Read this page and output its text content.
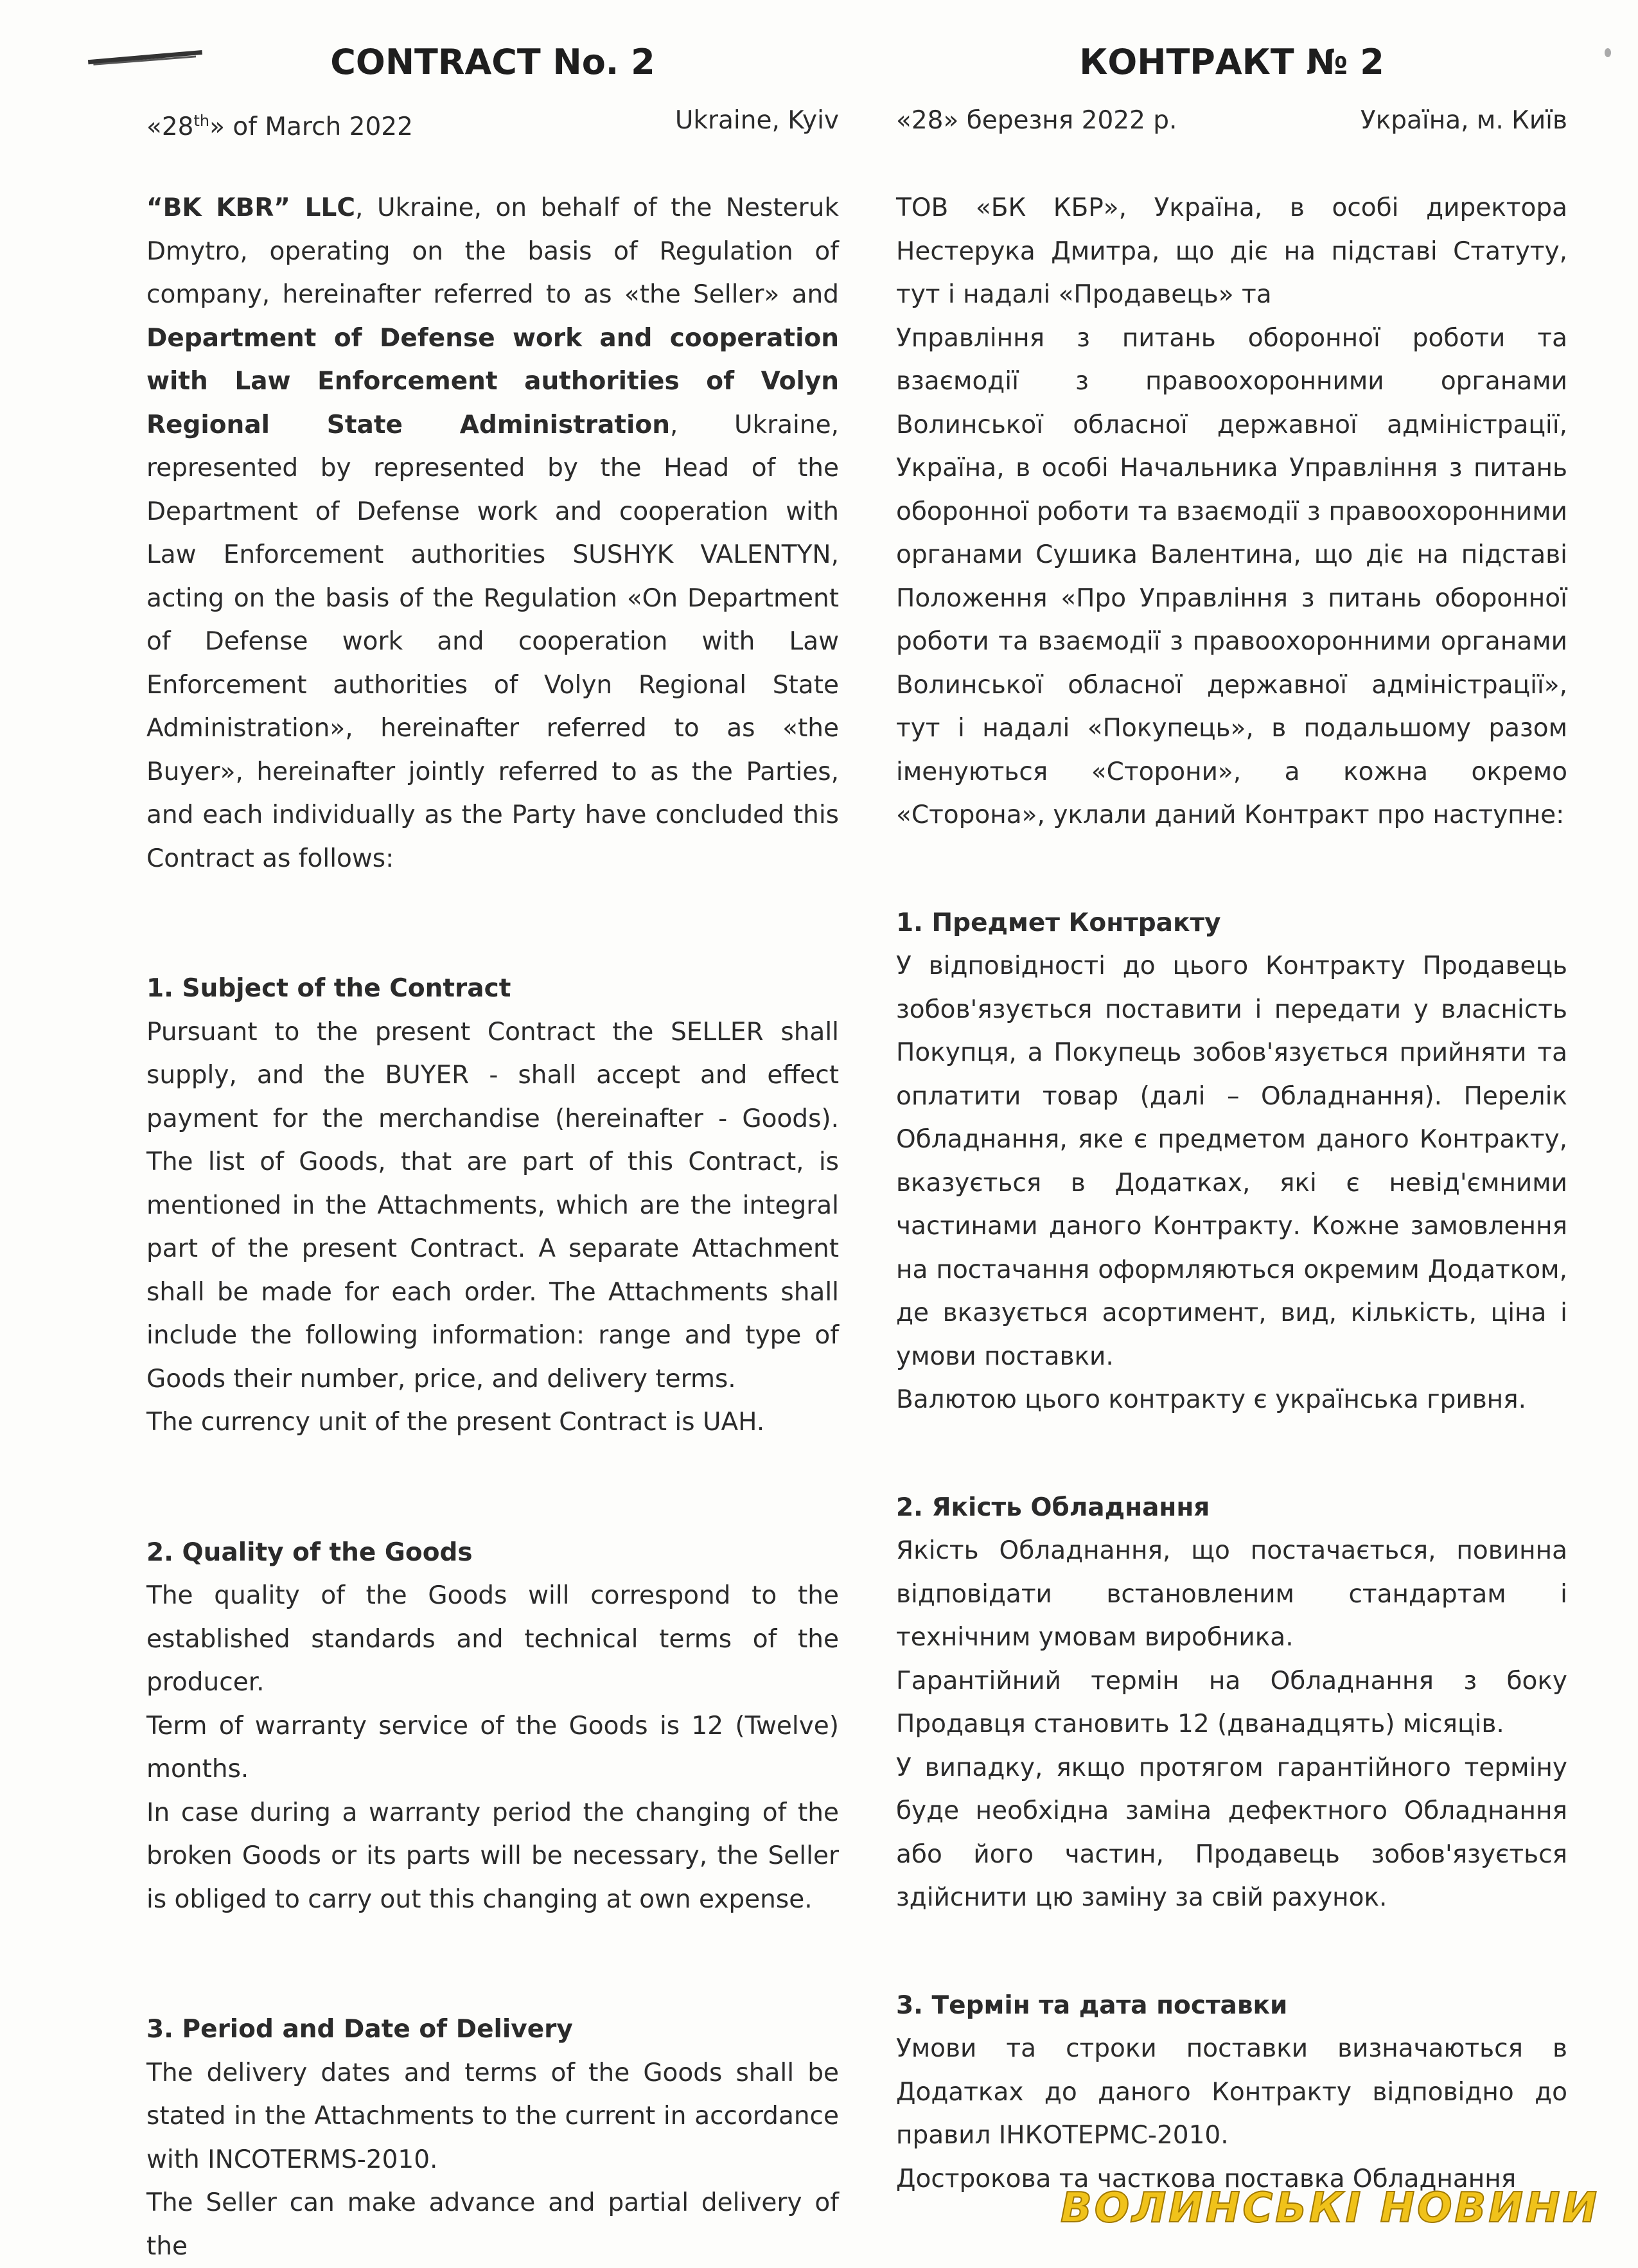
CONTRACT No. 2
«28th» of March 2022	Ukraine, Kyiv

“BK KBR” LLC, Ukraine, on behalf of the Nesteruk Dmytro, operating on the basis of Regulation of company, hereinafter referred to as «the Seller» and Department of Defense work and cooperation with Law Enforcement authorities of Volyn Regional State Administration, Ukraine, represented by represented by the Head of the Department of Defense work and cooperation with Law Enforcement authorities SUSHYK VALENTYN, acting on the basis of the Regulation «On Department of Defense work and cooperation with Law Enforcement authorities of Volyn Regional State Administration», hereinafter referred to as «the Buyer», hereinafter jointly referred to as the Parties, and each individually as the Party have concluded this Contract as follows:

1. Subject of the Contract

Pursuant to the present Contract the SELLER shall supply, and the BUYER - shall accept and effect payment for the merchandise (hereinafter - Goods). The list of Goods, that are part of this Contract, is mentioned in the Attachments, which are the integral part of the present Contract. A separate Attachment shall be made for each order. The Attachments shall include the following information: range and type of Goods their number, price, and delivery terms.

The currency unit of the present Contract is UAH.

2. Quality of the Goods

The quality of the Goods will correspond to the established standards and technical terms of the producer.

Term of warranty service of the Goods is 12 (Twelve) months.

In case during a warranty period the changing of the broken Goods or its parts will be necessary, the Seller is obliged to carry out this changing at own expense.

3. Period and Date of Delivery

The delivery dates and terms of the Goods shall be stated in the Attachments to the current in accordance with INCOTERMS-2010.

The Seller can make advance and partial delivery of the

КОНТРАКТ № 2
«28» березня 2022 р.	Україна, м. Київ

ТОВ «БК КБР», Україна, в особі директора Нестерука Дмитра, що діє на підставі Статуту, тут і надалі «Продавець» та

Управління з питань оборонної роботи та взаємодії з правоохоронними органами Волинської обласної державної адміністрації, Україна, в особі Начальника Управління з питань оборонної роботи та взаємодії з правоохоронними органами Сушика Валентина, що діє на підставі Положення «Про Управління з питань оборонної роботи та взаємодії з правоохоронними органами Волинської обласної державної адміністрації», тут і надалі «Покупець», в подальшому разом іменуються «Сторони», а кожна окремо «Сторона», уклали даний Контракт про наступне:

1. Предмет Контракту

У відповідності до цього Контракту Продавець зобов'язується поставити і передати у власність Покупця, а Покупець зобов'язується прийняти та оплатити товар (далі – Обладнання). Перелік Обладнання, яке є предметом даного Контракту, вказується в Додатках, які є невід'ємними частинами даного Контракту. Кожне замовлення на постачання оформляються окремим Додатком, де вказується асортимент, вид, кількість, ціна і умови поставки.

Валютою цього контракту є українська гривня.

2. Якість Обладнання

Якість Обладнання, що постачається, повинна відповідати встановленим стандартам і технічним умовам виробника.

Гарантійний термін на Обладнання з боку Продавця становить 12 (дванадцять) місяців.

У випадку, якщо протягом гарантійного терміну буде необхідна заміна дефектного Обладнання або його частин, Продавець зобов'язується здійснити цю заміну за свій рахунок.

3. Термін та дата поставки

Умови та строки поставки визначаються в Додатках до даного Контракту відповідно до правил ІНКОТЕРМС-2010.

Дострокова та часткова поставка Обладнання

ВОЛИНСЬКІ НОВИНИ
